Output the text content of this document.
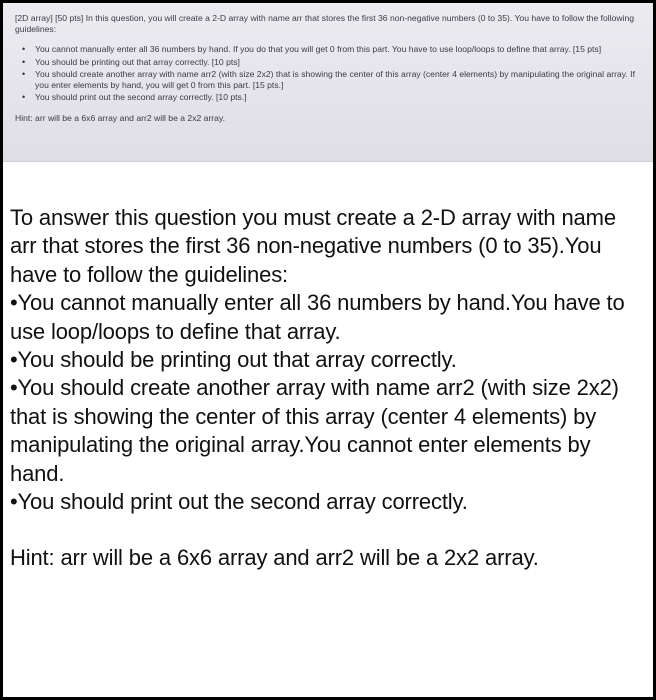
[2D array] [50 pts] In this question, you will create a 2-D array with name arr that stores the first 36 non-negative numbers (0 to 35). You have to follow the following guidelines:

• You cannot manually enter all 36 numbers by hand. If you do that you will get 0 from this part. You have to use loop/loops to define that array. [15 pts]
• You should be printing out that array correctly. [10 pts]
• You should create another array with name arr2 (with size 2x2) that is showing the center of this array (center 4 elements) by manipulating the original array. If you enter elements by hand, you will get 0 from this part. [15 pts.]
• You should print out the second array correctly. [10 pts.]

Hint: arr will be a 6x6 array and arr2 will be a 2x2 array.

To answer this question you must create a 2-D array with name arr that stores the first 36 non-negative numbers (0 to 35).You have to follow the guidelines:

•You cannot manually enter all 36 numbers by hand.You have to use loop/loops to define that array.

•You should be printing out that array correctly.

•You should create another array with name arr2 (with size 2x2) that is showing the center of this array (center 4 elements) by manipulating the original array.You cannot enter elements by hand.

•You should print out the second array correctly.

Hint: arr will be a 6x6 array and arr2 will be a 2x2 array.
